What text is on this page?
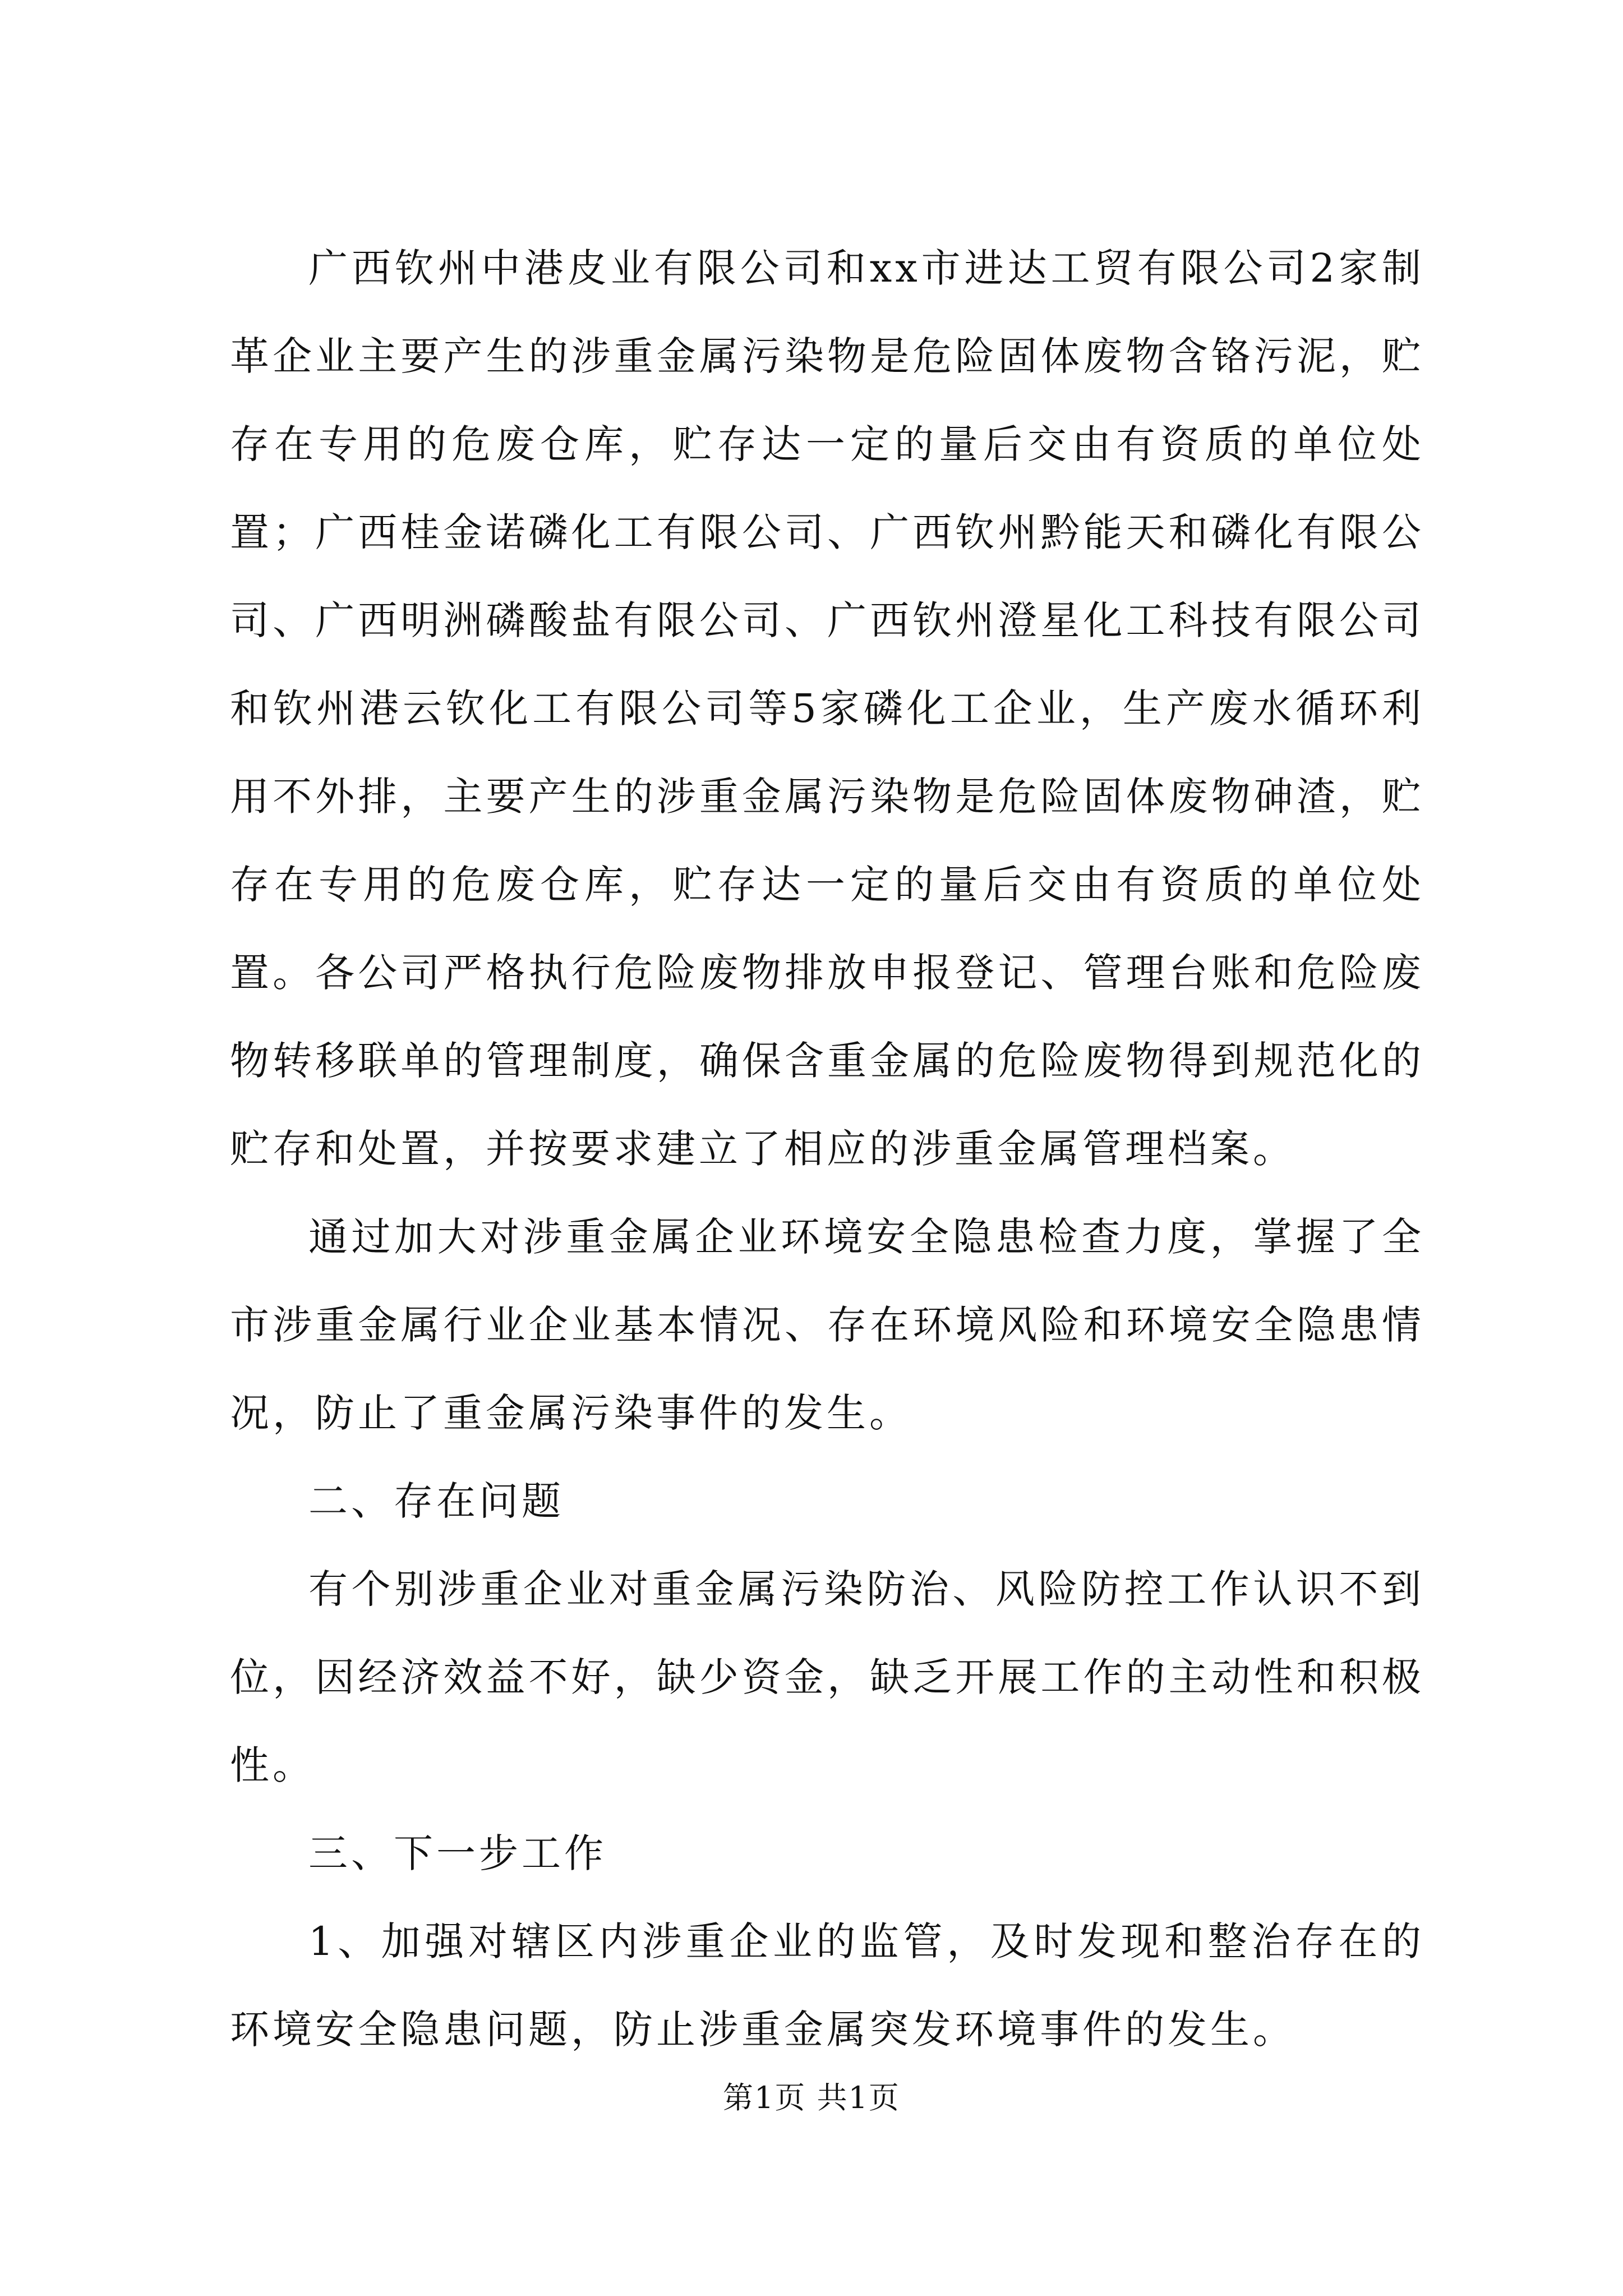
广西钦州中港皮业有限公司和xx市进达工贸有限公司2家制革企业主要产生的涉重金属污染物是危险固体废物含铬污泥，贮存在专用的危废仓库，贮存达一定的量后交由有资质的单位处置；广西桂金诺磷化工有限公司、广西钦州黔能天和磷化有限公司、广西明洲磷酸盐有限公司、广西钦州澄星化工科技有限公司和钦州港云钦化工有限公司等5家磷化工企业，生产废水循环利用不外排，主要产生的涉重金属污染物是危险固体废物砷渣，贮存在专用的危废仓库，贮存达一定的量后交由有资质的单位处置。各公司严格执行危险废物排放申报登记、管理台账和危险废物转移联单的管理制度，确保含重金属的危险废物得到规范化的贮存和处置，并按要求建立了相应的涉重金属管理档案。

通过加大对涉重金属企业环境安全隐患检查力度，掌握了全市涉重金属行业企业基本情况、存在环境风险和环境安全隐患情况，防止了重金属污染事件的发生。

二、存在问题

有个别涉重企业对重金属污染防治、风险防控工作认识不到位，因经济效益不好，缺少资金，缺乏开展工作的主动性和积极性。

三、下一步工作

1、加强对辖区内涉重企业的监管，及时发现和整治存在的环境安全隐患问题，防止涉重金属突发环境事件的发生。

第1页 共1页
